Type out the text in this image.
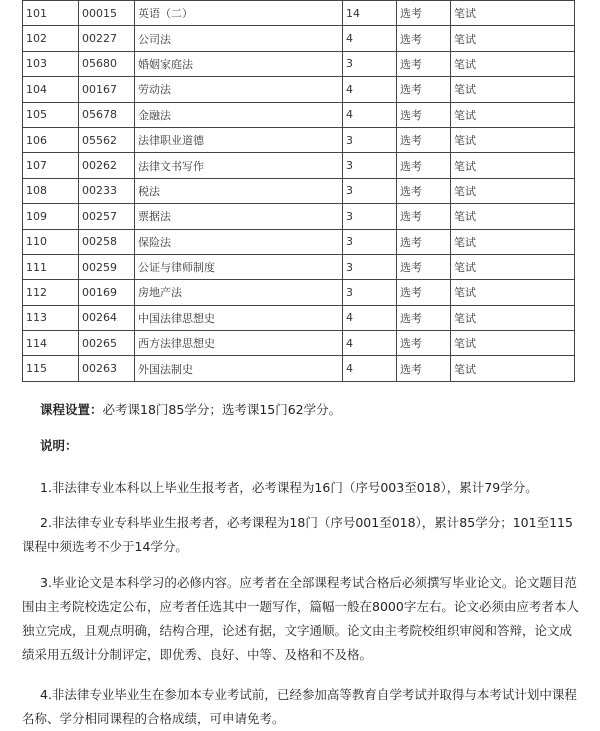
101	00015	英语（二）	14	选考	笔试
102	00227	公司法	4	选考	笔试
103	05680	婚姻家庭法	3	选考	笔试
104	00167	劳动法	4	选考	笔试
105	05678	金融法	4	选考	笔试
106	05562	法律职业道德	3	选考	笔试
107	00262	法律文书写作	3	选考	笔试
108	00233	税法	3	选考	笔试
109	00257	票据法	3	选考	笔试
110	00258	保险法	3	选考	笔试
111	00259	公证与律师制度	3	选考	笔试
112	00169	房地产法	3	选考	笔试
113	00264	中国法律思想史	4	选考	笔试
114	00265	西方法律思想史	4	选考	笔试
115	00263	外国法制史	4	选考	笔试
课程设置：必考课18门85学分；选考课15门62学分。
说明：
1.非法律专业本科以上毕业生报考者，必考课程为16门（序号003至018），累计79学分。
2.非法律专业专科毕业生报考者，必考课程为18门（序号001至018），累计85学分；101至115课程中须选考不少于14学分。
3.毕业论文是本科学习的必修内容。应考者在全部课程考试合格后必须撰写毕业论文。论文题目范围由主考院校选定公布，应考者任选其中一题写作，篇幅一般在8000字左右。论文必须由应考者本人独立完成，且观点明确，结构合理，论述有据，文字通顺。论文由主考院校组织审阅和答辩，论文成绩采用五级计分制评定，即优秀、良好、中等、及格和不及格。
4.非法律专业毕业生在参加本专业考试前，已经参加高等教育自学考试并取得与本考试计划中课程名称、学分相同课程的合格成绩，可申请免考。
